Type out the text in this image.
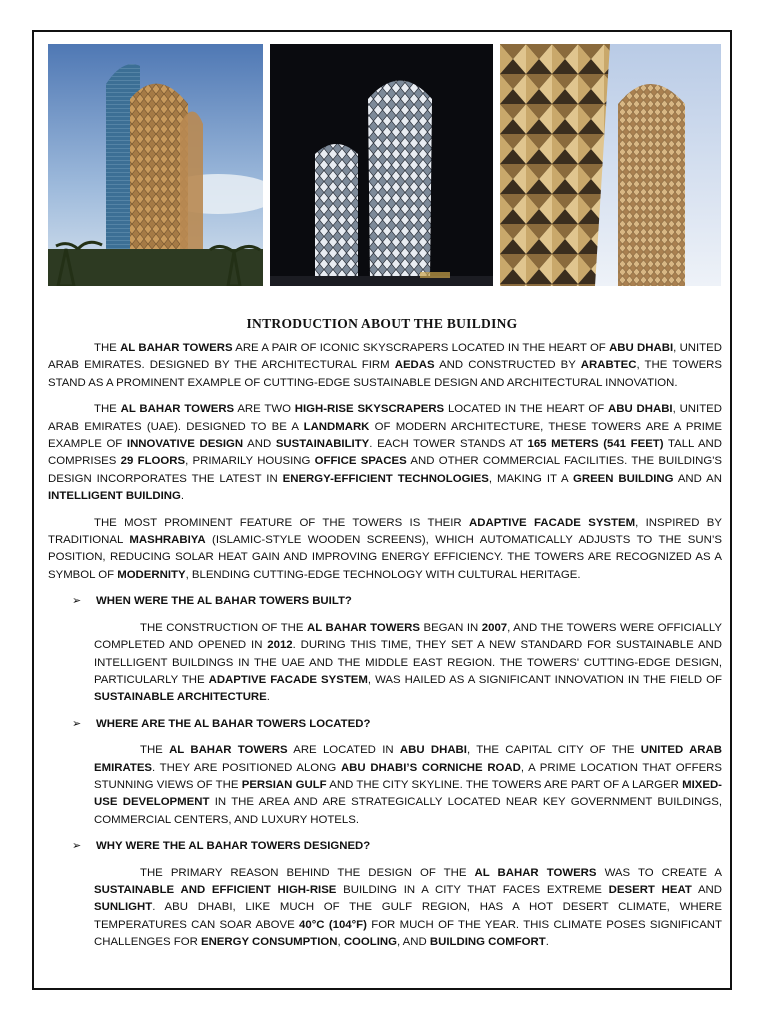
INTRODUCTION ABOUT THE BUILDING

THE AL BAHAR TOWERS ARE A PAIR OF ICONIC SKYSCRAPERS LOCATED IN THE HEART OF ABU DHABI, UNITED ARAB EMIRATES. DESIGNED BY THE ARCHITECTURAL FIRM AEDAS AND CONSTRUCTED BY ARABTEC, THE TOWERS STAND AS A PROMINENT EXAMPLE OF CUTTING-EDGE SUSTAINABLE DESIGN AND ARCHITECTURAL INNOVATION.

THE AL BAHAR TOWERS ARE TWO HIGH-RISE SKYSCRAPERS LOCATED IN THE HEART OF ABU DHABI, UNITED ARAB EMIRATES (UAE). DESIGNED TO BE A LANDMARK OF MODERN ARCHITECTURE, THESE TOWERS ARE A PRIME EXAMPLE OF INNOVATIVE DESIGN AND SUSTAINABILITY. EACH TOWER STANDS AT 165 METERS (541 FEET) TALL AND COMPRISES 29 FLOORS, PRIMARILY HOUSING OFFICE SPACES AND OTHER COMMERCIAL FACILITIES. THE BUILDING'S DESIGN INCORPORATES THE LATEST IN ENERGY-EFFICIENT TECHNOLOGIES, MAKING IT A GREEN BUILDING AND AN INTELLIGENT BUILDING.

THE MOST PROMINENT FEATURE OF THE TOWERS IS THEIR ADAPTIVE FACADE SYSTEM, INSPIRED BY TRADITIONAL MASHRABIYA (ISLAMIC-STYLE WOODEN SCREENS), WHICH AUTOMATICALLY ADJUSTS TO THE SUN’S POSITION, REDUCING SOLAR HEAT GAIN AND IMPROVING ENERGY EFFICIENCY. THE TOWERS ARE RECOGNIZED AS A SYMBOL OF MODERNITY, BLENDING CUTTING-EDGE TECHNOLOGY WITH CULTURAL HERITAGE.

➢	WHEN WERE THE AL BAHAR TOWERS BUILT?

THE CONSTRUCTION OF THE AL BAHAR TOWERS BEGAN IN 2007, AND THE TOWERS WERE OFFICIALLY COMPLETED AND OPENED IN 2012. DURING THIS TIME, THEY SET A NEW STANDARD FOR SUSTAINABLE AND INTELLIGENT BUILDINGS IN THE UAE AND THE MIDDLE EAST REGION. THE TOWERS' CUTTING-EDGE DESIGN, PARTICULARLY THE ADAPTIVE FACADE SYSTEM, WAS HAILED AS A SIGNIFICANT INNOVATION IN THE FIELD OF SUSTAINABLE ARCHITECTURE.

➢	WHERE ARE THE AL BAHAR TOWERS LOCATED?

THE AL BAHAR TOWERS ARE LOCATED IN ABU DHABI, THE CAPITAL CITY OF THE UNITED ARAB EMIRATES. THEY ARE POSITIONED ALONG ABU DHABI’S CORNICHE ROAD, A PRIME LOCATION THAT OFFERS STUNNING VIEWS OF THE PERSIAN GULF AND THE CITY SKYLINE. THE TOWERS ARE PART OF A LARGER MIXED-USE DEVELOPMENT IN THE AREA AND ARE STRATEGICALLY LOCATED NEAR KEY GOVERNMENT BUILDINGS, COMMERCIAL CENTERS, AND LUXURY HOTELS.

➢	WHY WERE THE AL BAHAR TOWERS DESIGNED?

THE PRIMARY REASON BEHIND THE DESIGN OF THE AL BAHAR TOWERS WAS TO CREATE A SUSTAINABLE AND EFFICIENT HIGH-RISE BUILDING IN A CITY THAT FACES EXTREME DESERT HEAT AND SUNLIGHT. ABU DHABI, LIKE MUCH OF THE GULF REGION, HAS A HOT DESERT CLIMATE, WHERE TEMPERATURES CAN SOAR ABOVE 40°C (104°F) FOR MUCH OF THE YEAR. THIS CLIMATE POSES SIGNIFICANT CHALLENGES FOR ENERGY CONSUMPTION, COOLING, AND BUILDING COMFORT.
